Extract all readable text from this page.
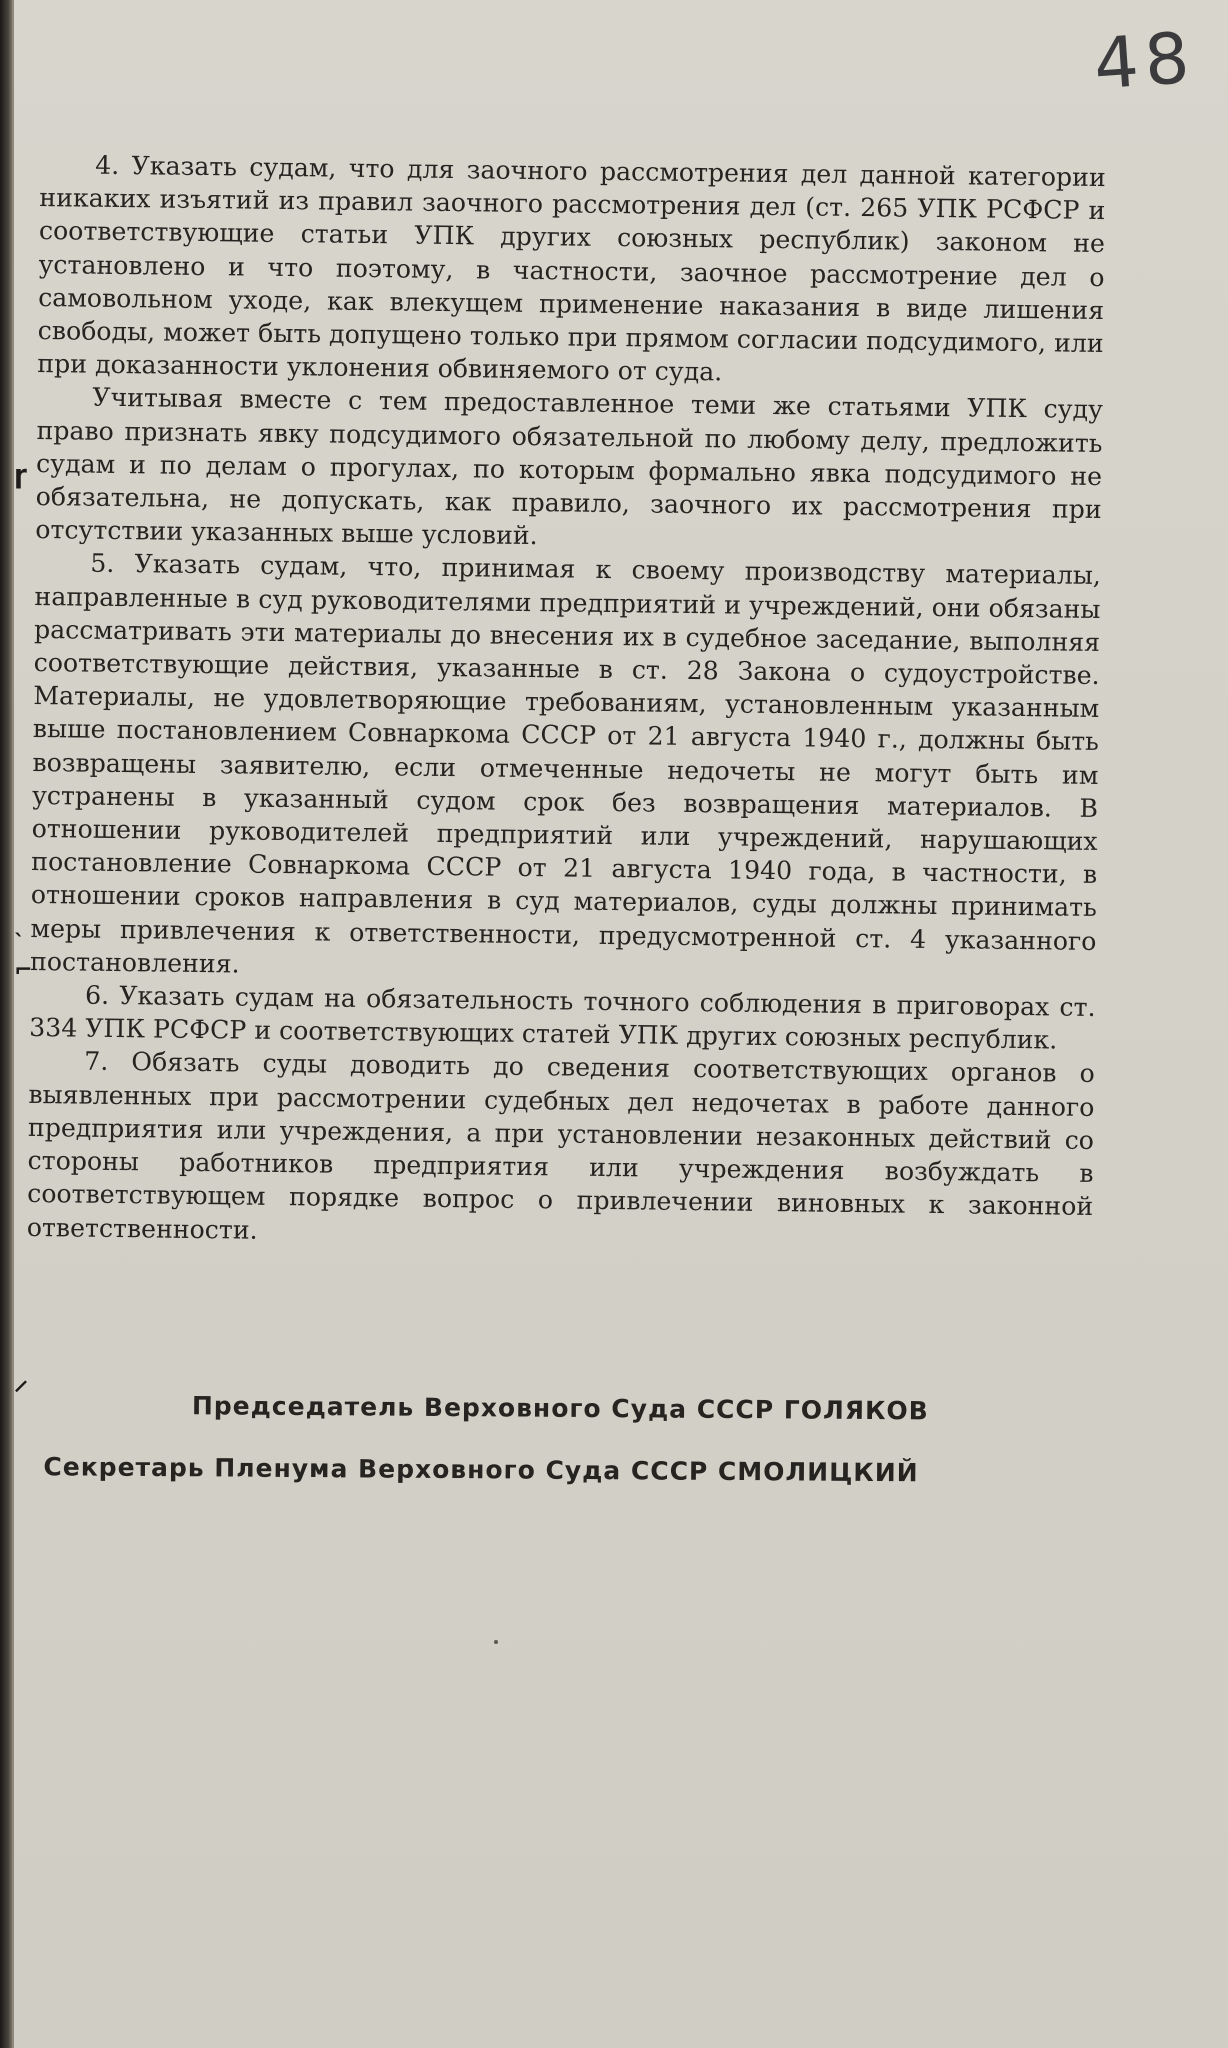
48

4. Указать судам, что для заочного рассмотрения дел данной категории никаких изъятий из правил заочного рассмотрения дел (ст. 265 УПК РСФСР и соответствующие статьи УПК других союзных республик) законом не установлено и что поэтому, в частности, заочное рассмотрение дел о самовольном уходе, как влекущем применение наказания в виде лишения свободы, может быть допущено только при прямом согласии подсудимого, или при доказанности уклонения обвиняемого от суда.

Учитывая вместе с тем предоставленное теми же статьями УПК суду право признать явку подсудимого обязательной по любому делу, предложить судам и по делам о прогулах, по которым формально явка подсудимого не обязательна, не допускать, как правило, заочного их рассмотрения при отсутствии указанных выше условий.

5. Указать судам, что, принимая к своему производству материалы, направленные в суд руководителями предприятий и учреждений, они обязаны рассматривать эти материалы до внесения их в судебное заседание, выполняя соответствующие действия, указанные в ст. 28 Закона о судоустройстве. Материалы, не удовлетворяющие требованиям, установленным указанным выше постановлением Совнаркома СССР от 21 августа 1940 г., должны быть возвращены заявителю, если отмеченные недочеты не могут быть им устранены в указанный судом срок без возвращения материалов. В отношении руководителей предприятий или учреждений, нарушающих постановление Совнаркома СССР от 21 августа 1940 года, в частности, в отношении сроков направления в суд материалов, суды должны принимать меры привлечения к ответственности, предусмотренной ст. 4 указанного постановления.

6. Указать судам на обязательность точного соблюдения в приговорах ст. 334 УПК РСФСР и соответствующих статей УПК других союзных республик.

7. Обязать суды доводить до сведения соответствующих органов о выявленных при рассмотрении судебных дел недочетах в работе данного предприятия или учреждения, а при установлении незаконных действий со стороны работников предприятия или учреждения возбуждать в соответствующем порядке вопрос о привлечении виновных к законной ответственности.

Председатель Верховного Суда СССР ГОЛЯКОВ
Секретарь Пленума Верховного Суда СССР СМОЛИЦКИЙ
ɼ
ˎ
⌐
⸍
